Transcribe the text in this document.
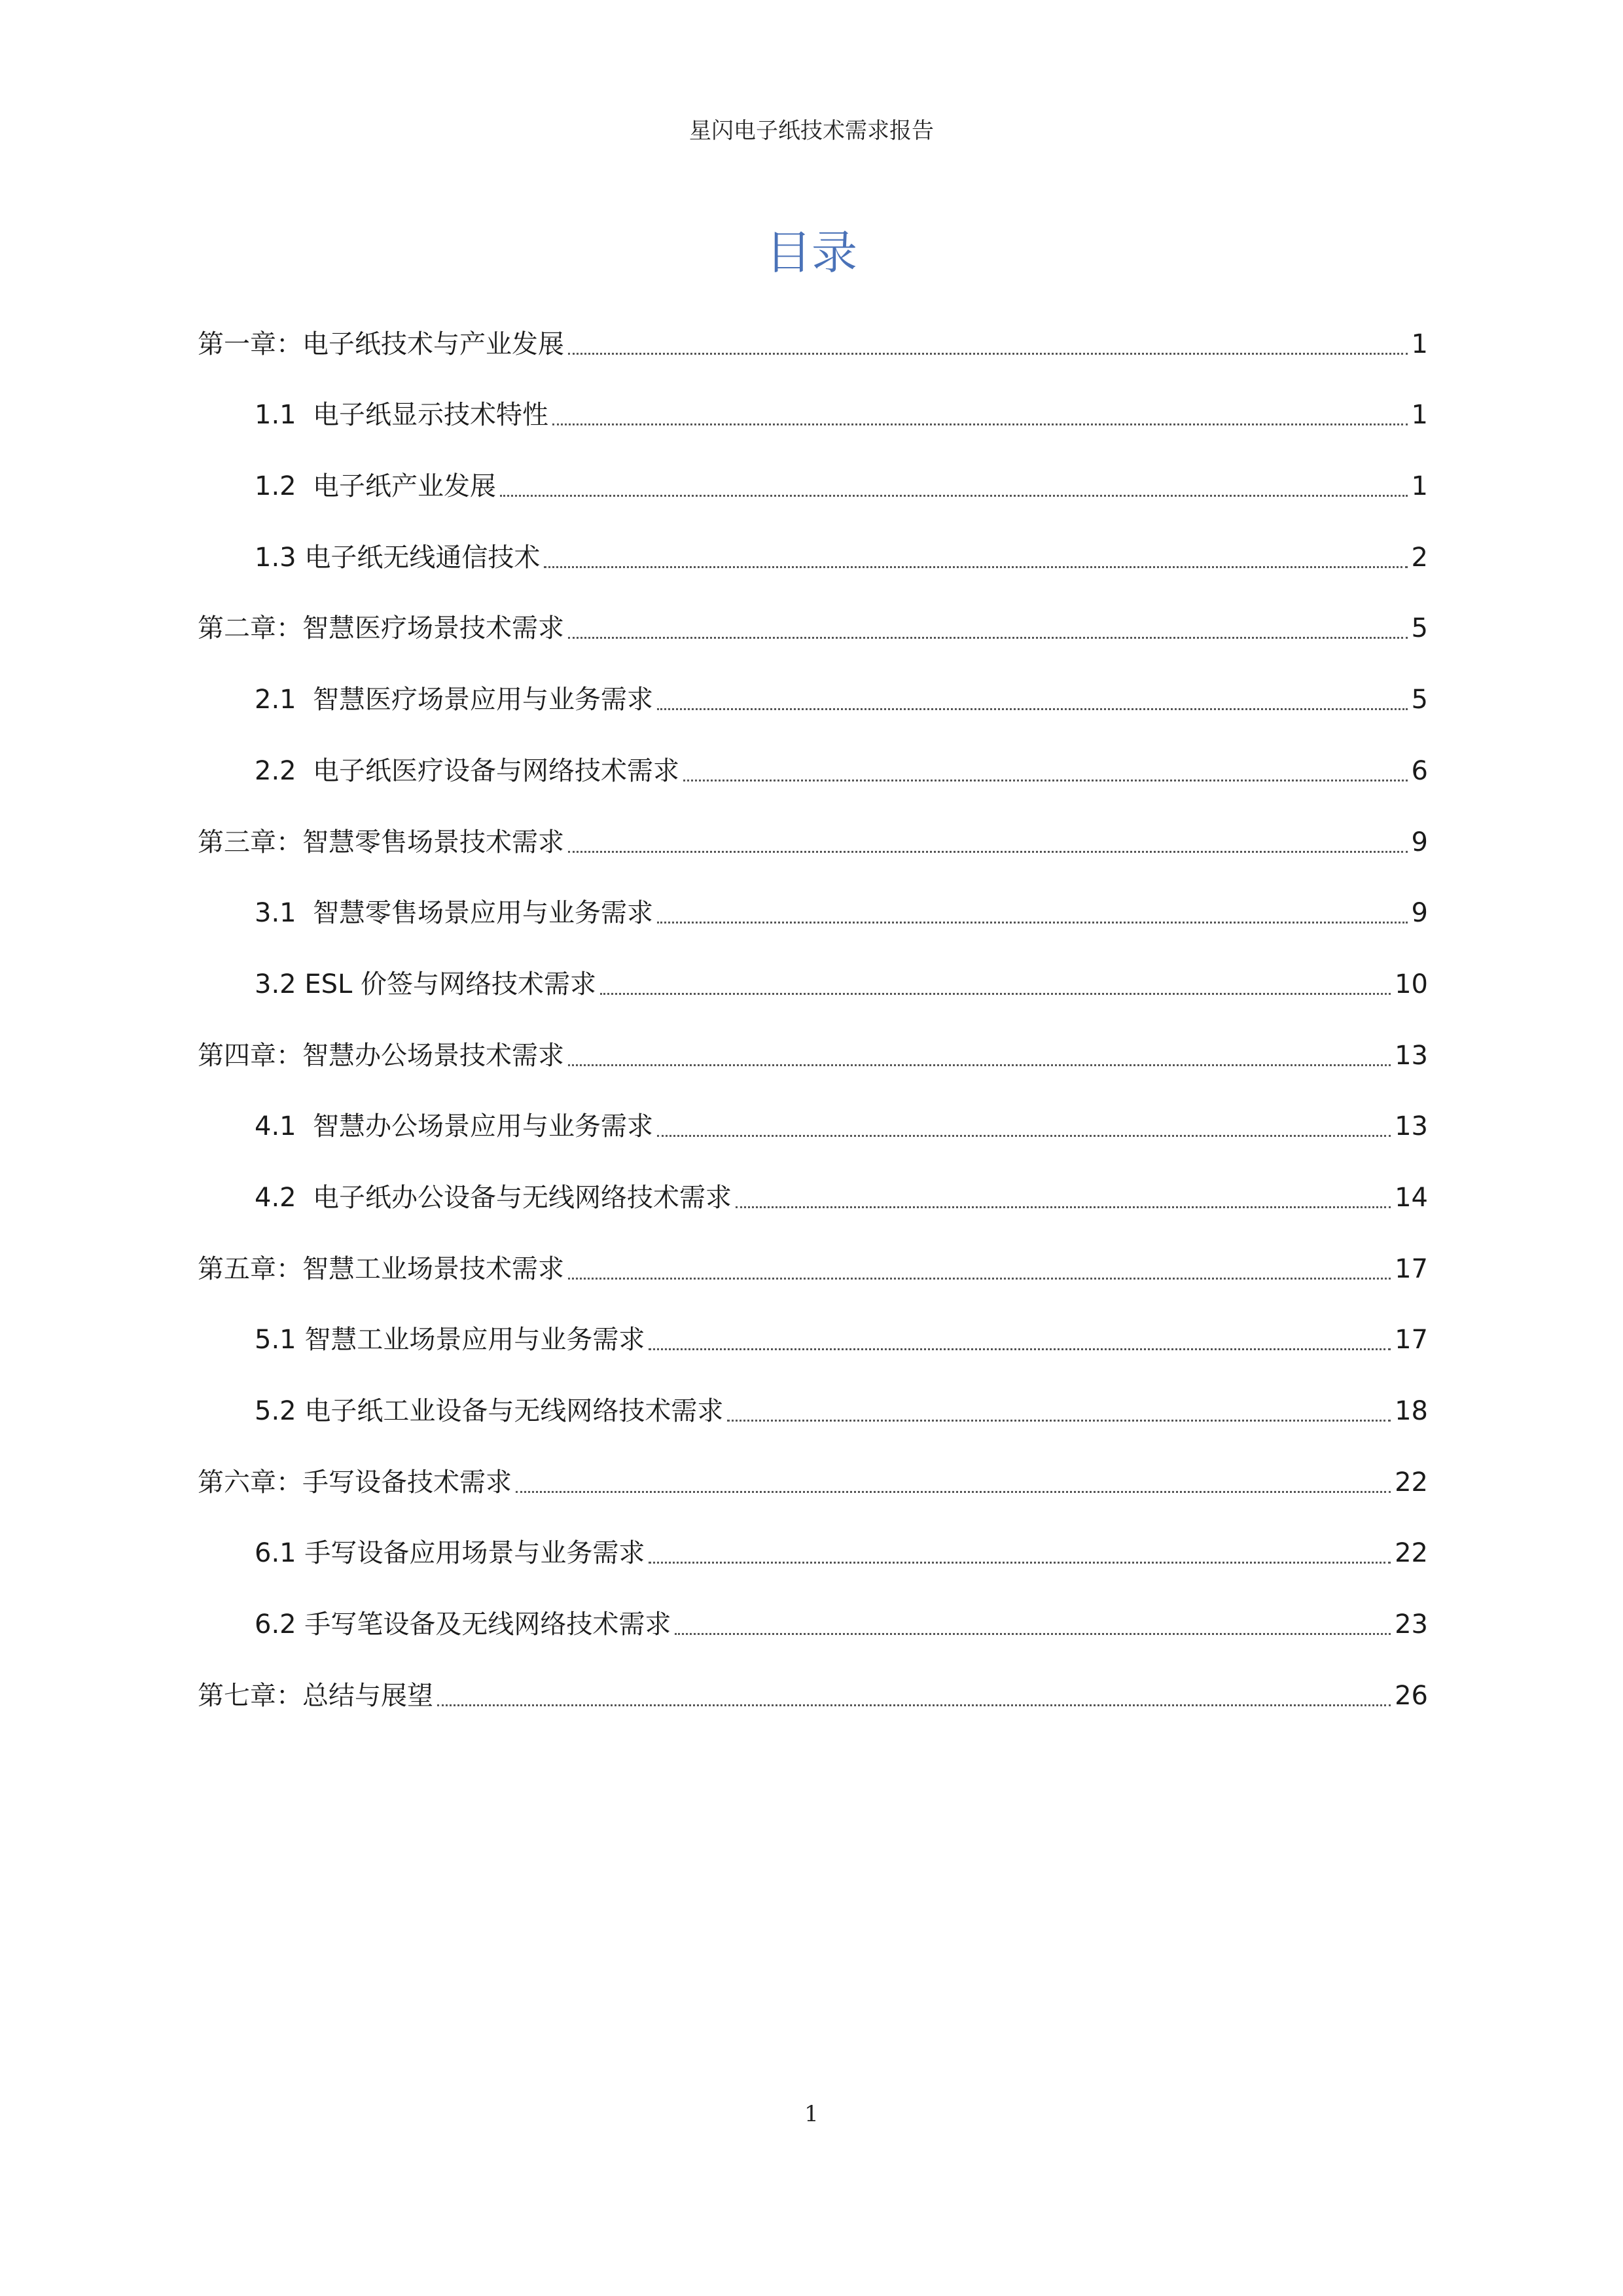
星闪电子纸技术需求报告
目录
第一章：电子纸技术与产业发展	1
1.1  电子纸显示技术特性	1
1.2  电子纸产业发展	1
1.3 电子纸无线通信技术	2
第二章：智慧医疗场景技术需求	5
2.1  智慧医疗场景应用与业务需求	5
2.2  电子纸医疗设备与网络技术需求	6
第三章：智慧零售场景技术需求	9
3.1  智慧零售场景应用与业务需求	9
3.2 ESL 价签与网络技术需求	10
第四章：智慧办公场景技术需求	13
4.1  智慧办公场景应用与业务需求	13
4.2  电子纸办公设备与无线网络技术需求	14
第五章：智慧工业场景技术需求	17
5.1 智慧工业场景应用与业务需求	17
5.2 电子纸工业设备与无线网络技术需求	18
第六章：手写设备技术需求	22
6.1 手写设备应用场景与业务需求	22
6.2 手写笔设备及无线网络技术需求	23
第七章：总结与展望	26
1
